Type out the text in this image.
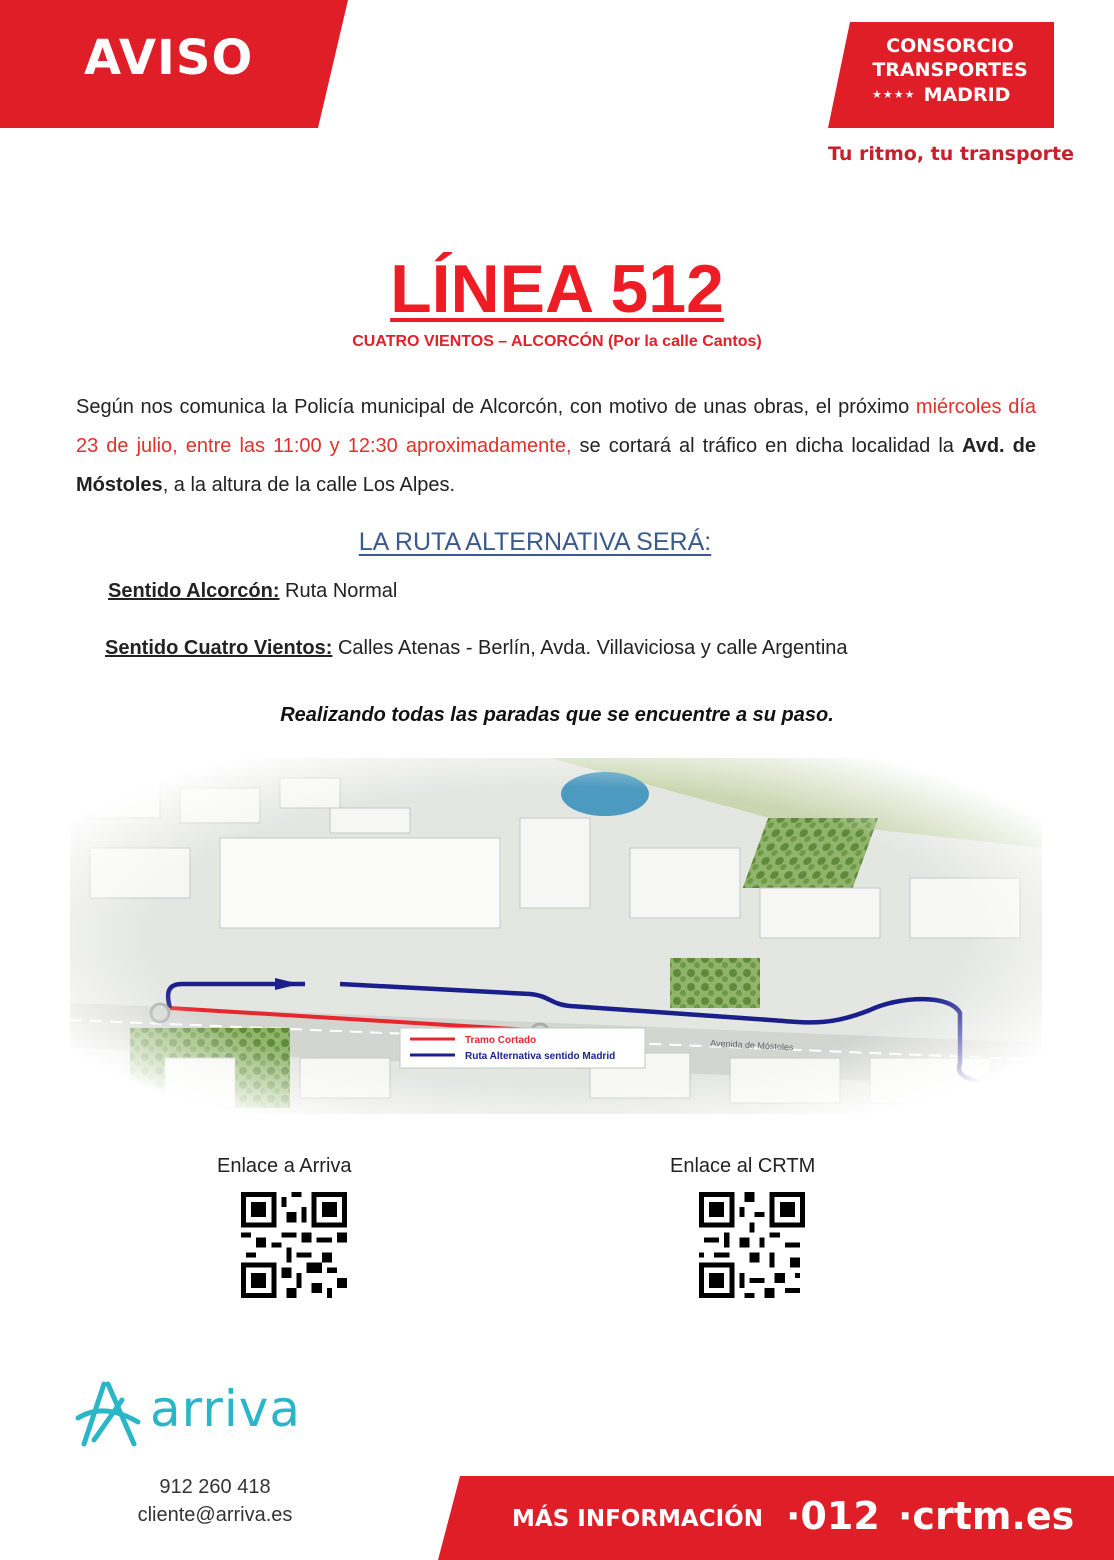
AVISO	CONSORCIO
TRANSPORTES
★★★★ MADRID
Tu ritmo, tu transporte
LÍNEA 512
CUATRO VIENTOS – ALCORCÓN (Por la calle Cantos)
Según nos comunica la Policía municipal de Alcorcón, con motivo de unas obras, el próximo miércoles día 23 de julio, entre las 11:00 y 12:30 aproximadamente, se cortará al tráfico en dicha localidad la Avd. de Móstoles, a la altura de la calle Los Alpes.
LA RUTA ALTERNATIVA SERÁ:
Sentido Alcorcón: Ruta Normal
Sentido Cuatro Vientos: Calles Atenas - Berlín, Avda. Villaviciosa y calle Argentina
Realizando todas las paradas que se encuentre a su paso.
Enlace a Arriva	Enlace al CRTM
arriva
912 260 418
cliente@arriva.es	MÁS INFORMACIÓN ·012 ·crtm.es
